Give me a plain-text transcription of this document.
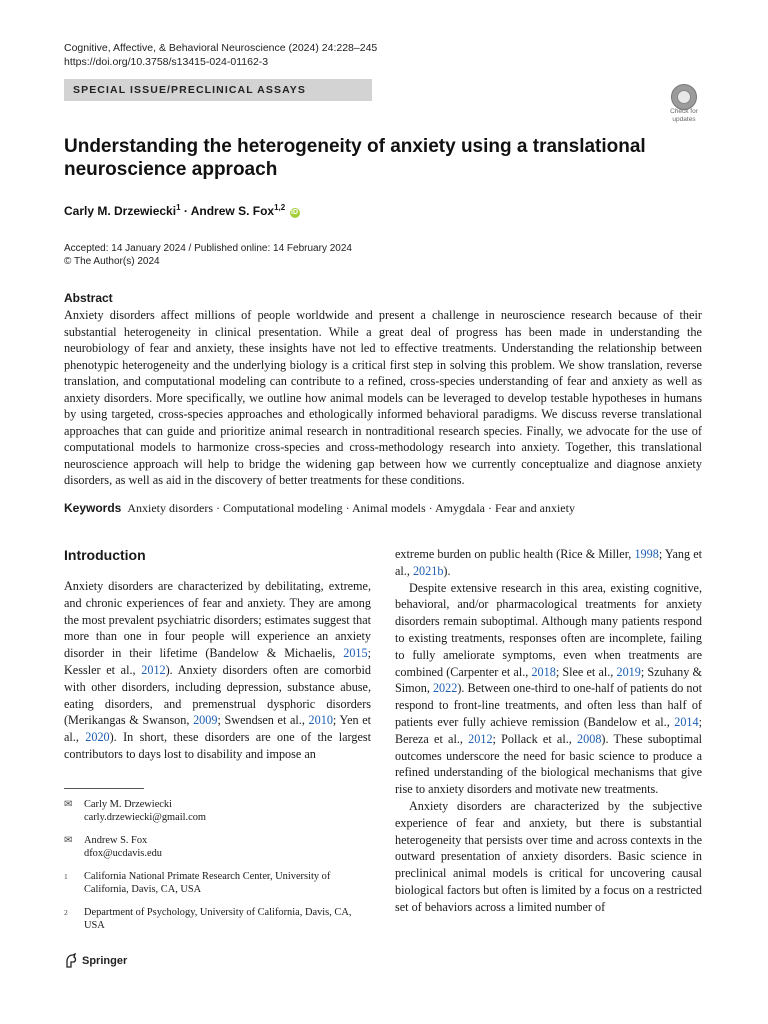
Cognitive, Affective, & Behavioral Neuroscience (2024) 24:228–245
https://doi.org/10.3758/s13415-024-01162-3
SPECIAL ISSUE/PRECLINICAL ASSAYS
Check for
updates
Understanding the heterogeneity of anxiety using a translational neuroscience approach
Carly M. Drzewiecki$^1$ · Andrew S. Fox$^{1,2}$ iD
Accepted: 14 January 2024 / Published online: 14 February 2024
© The Author(s) 2024
Abstract
Anxiety disorders affect millions of people worldwide and present a challenge in neuroscience research because of their substantial heterogeneity in clinical presentation. While a great deal of progress has been made in understanding the neurobiology of fear and anxiety, these insights have not led to effective treatments. Understanding the relationship between phenotypic heterogeneity and the underlying biology is a critical first step in solving this problem. We show translation, reverse translation, and computational modeling can contribute to a refined, cross-species understanding of fear and anxiety as well as anxiety disorders. More specifically, we outline how animal models can be leveraged to develop testable hypotheses in humans by using targeted, cross-species approaches and ethologically informed behavioral paradigms. We discuss reverse translational approaches that can guide and prioritize animal research in nontraditional research species. Finally, we advocate for the use of computational models to harmonize cross-species and cross-methodology research into anxiety. Together, this translational neuroscience approach will help to bridge the widening gap between how we currently conceptualize and diagnose anxiety disorders, as well as aid in the discovery of better treatments for these conditions.
Keywords Anxiety disorders · Computational modeling · Animal models · Amygdala · Fear and anxiety
Introduction

Anxiety disorders are characterized by debilitating, extreme, and chronic experiences of fear and anxiety. They are among the most prevalent psychiatric disorders; estimates suggest that more than one in four people will experience an anxiety disorder in their lifetime (Bandelow & Michaelis, 2015; Kessler et al., 2012). Anxiety disorders often are comorbid with other disorders, including depression, substance abuse, eating disorders, and premenstrual dysphoric disorders (Merikangas & Swanson, 2009; Swendsen et al., 2010; Yen et al., 2020). In short, these disorders are one of the largest contributors to days lost to disability and impose an

extreme burden on public health (Rice & Miller, 1998; Yang et al., 2021b).

Despite extensive research in this area, existing cognitive, behavioral, and/or pharmacological treatments for anxiety disorders remain suboptimal. Although many patients respond to existing treatments, responses often are incomplete, failing to fully ameliorate symptoms, even when treatments are combined (Carpenter et al., 2018; Slee et al., 2019; Szuhany & Simon, 2022). Between one-third to one-half of patients do not respond to front-line treatments, and often less than half of patients ever fully achieve remission (Bandelow et al., 2014; Bereza et al., 2012; Pollack et al., 2008). These suboptimal outcomes underscore the need for basic science to produce a refined understanding of the biological mechanisms that give rise to anxiety disorders and motivate new treatments.

Anxiety disorders are characterized by the subjective experience of fear and anxiety, but there is substantial heterogeneity that persists over time and across contexts in the outward presentation of anxiety disorders. Basic science in preclinical animal models is critical for uncovering causal biological factors but often is limited by a focus on a restricted set of behaviors across a limited number of

✉	Carly M. Drzewiecki
carly.drzewiecki@gmail.com
✉	Andrew S. Fox
dfox@ucdavis.edu
$^1$	California National Primate Research Center, University of California, Davis, CA, USA
$^2$	Department of Psychology, University of California, Davis, CA, USA
Springer
